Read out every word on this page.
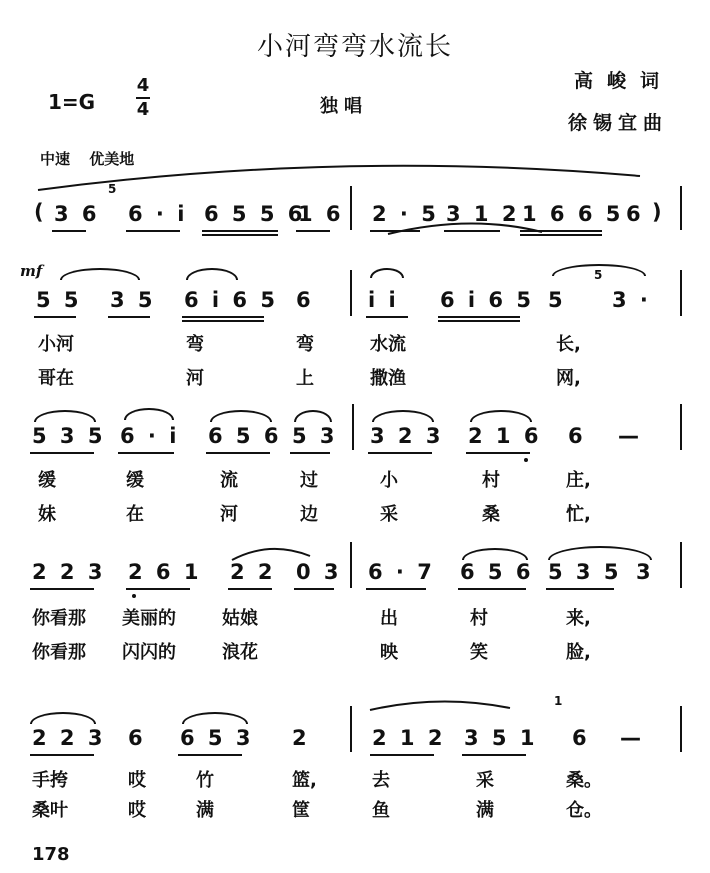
小河弯弯水流长
高峻词
徐锡宜曲
1=G
4
4	独唱
中速 优美地
( 3 6
5
6 · i 6 5 5 6
1 6 2 · 5 3 1 2 1 6 6 5 6 )
mf
5 5 3 5 6 i 6 5 6	i i 6 i 6 5 5
5
3 ·
小河	弯	弯	水流	长,
哥在	河	上	撒渔	网,
5 3 5 6 · i 6 5 6 5 3 3 2 3 2 1 6 6 —
缓	缓	流	过	小	村	庄,
妹	在	河	边	采	桑	忙,
2 2 3 2 6 1 2 2 0 3 6 · 7 6 5 6 5 3 5 3
你看那 美丽的	姑娘	出	村	来,
你看那 闪闪的	浪花	映	笑	脸,
2 2 3 6 6 5 3 2	2 1 2 3 5 1
1
6 —
手挎	哎	竹	篮,	去	采	桑。
桑叶	哎	满	筐	鱼	满	仓。
178
